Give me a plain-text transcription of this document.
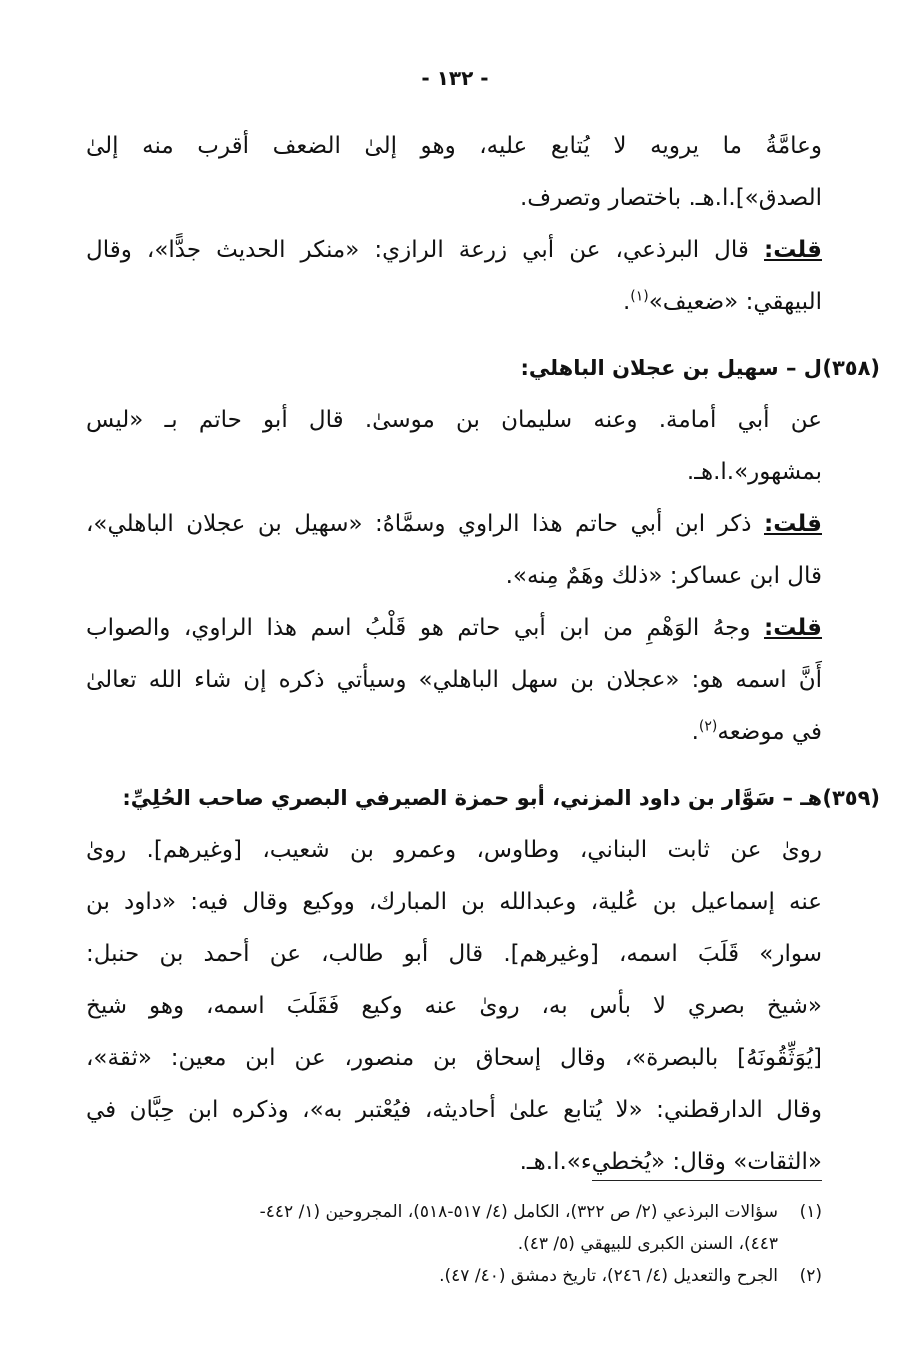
- ١٣٢ -
وعامَّةُ ما يرويه لا يُتابع عليه، وهو إلىٰ الضعف أقرب منه إلىٰ
الصدق»].ا.هـ. باختصار وتصرف.
قلت: قال البرذعي، عن أبي زرعة الرازي: «منكر الحديث جدًّا»، وقال
البيهقي: «ضعيف»$^{(١)}$.
(٣٥٨)
ل – سهيل بن عجلان الباهلي:
عن أبي أمامة. وعنه سليمان بن موسىٰ. قال أبو حاتم بـ «ليس
بمشهور».ا.هـ.
قلت: ذكر ابن أبي حاتم هذا الراوي وسمَّاهُ: «سهيل بن عجلان الباهلي»،
قال ابن عساكر: «ذلك وهَمٌ مِنه».
قلت: وجهُ الوَهْمِ من ابن أبي حاتم هو قَلْبُ اسم هذا الراوي، والصواب
أَنَّ اسمه هو: «عجلان بن سهل الباهلي» وسيأتي ذكره إن شاء الله تعالىٰ
في موضعه$^{(٢)}$.
(٣٥٩)
هـ – سَوَّار بن داود المزني، أبو حمزة الصيرفي البصري صاحب الحُلِيِّ:
روىٰ عن ثابت البناني، وطاوس، وعمرو بن شعيب، [وغيرهم]. روىٰ
عنه إسماعيل بن عُلية، وعبدالله بن المبارك، ووكيع وقال فيه: «داود بن
سوار» قَلَبَ اسمه، [وغيرهم]. قال أبو طالب، عن أحمد بن حنبل:
«شيخ بصري لا بأس به، روىٰ عنه وكيع فَقَلَبَ اسمه، وهو شيخ
[يُوَثِّقُونَهُ] بالبصرة»، وقال إسحاق بن منصور، عن ابن معين: «ثقة»،
وقال الدارقطني: «لا يُتابع علىٰ أحاديثه، فيُعْتبر به»، وذكره ابن حِبَّان في
«الثقات» وقال: «يُخطيء».ا.هـ.
(١)
سؤالات البرذعي (٢/ ص ٣٢٢)، الكامل (٤/ ٥١٧-٥١٨)، المجروحين (١/ ٤٤٢-
٤٤٣)، السنن الكبرى للبيهقي (٥/ ٤٣).
(٢)
الجرح والتعديل (٤/ ٢٤٦)، تاريخ دمشق (٤٠/ ٤٧).
